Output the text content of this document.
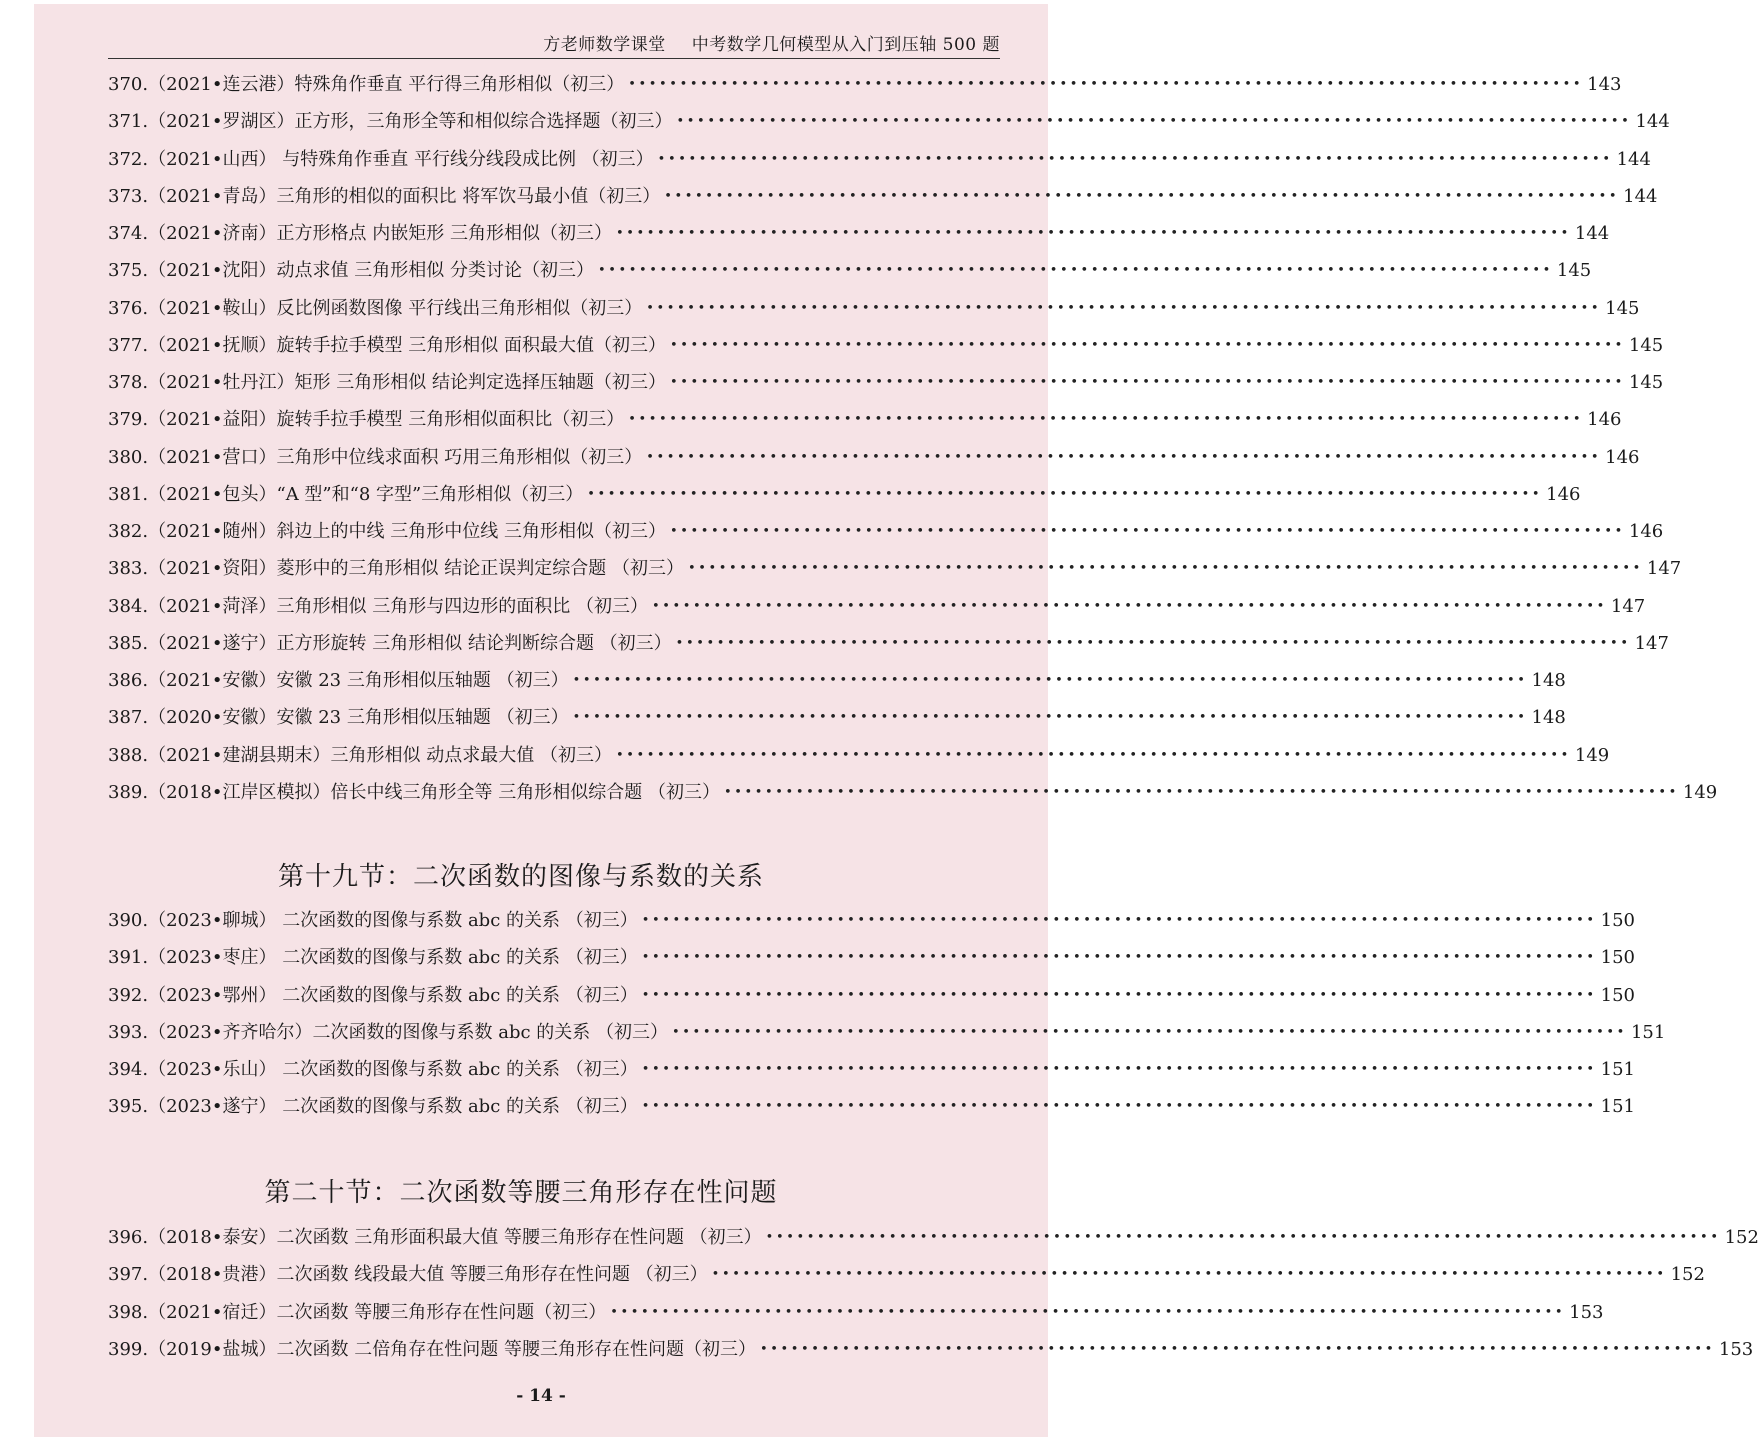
方老师数学课堂 中考数学几何模型从入门到压轴 500 题
370.（2021•连云港）特殊角作垂直 平行得三角形相似（初三） ••••••••••••••••••••••••••••••••••••••••••••••••••••••••••••••••••••••••••••••••••••••••••••• 143
371.（2021•罗湖区）正方形，三角形全等和相似综合选择题（初三） ••••••••••••••••••••••••••••••••••••••••••••••••••••••••••••••••••••••••••••••••••••••••••••• 144
372.（2021•山西） 与特殊角作垂直 平行线分线段成比例 （初三） ••••••••••••••••••••••••••••••••••••••••••••••••••••••••••••••••••••••••••••••••••••••••••••• 144
373.（2021•青岛）三角形的相似的面积比 将军饮马最小值（初三） ••••••••••••••••••••••••••••••••••••••••••••••••••••••••••••••••••••••••••••••••••••••••••••• 144
374.（2021•济南）正方形格点 内嵌矩形 三角形相似（初三） ••••••••••••••••••••••••••••••••••••••••••••••••••••••••••••••••••••••••••••••••••••••••••••• 144
375.（2021•沈阳）动点求值 三角形相似 分类讨论（初三） ••••••••••••••••••••••••••••••••••••••••••••••••••••••••••••••••••••••••••••••••••••••••••••• 145
376.（2021•鞍山）反比例函数图像 平行线出三角形相似（初三） ••••••••••••••••••••••••••••••••••••••••••••••••••••••••••••••••••••••••••••••••••••••••••••• 145
377.（2021•抚顺）旋转手拉手模型 三角形相似 面积最大值（初三） ••••••••••••••••••••••••••••••••••••••••••••••••••••••••••••••••••••••••••••••••••••••••••••• 145
378.（2021•牡丹江）矩形 三角形相似 结论判定选择压轴题（初三） ••••••••••••••••••••••••••••••••••••••••••••••••••••••••••••••••••••••••••••••••••••••••••••• 145
379.（2021•益阳）旋转手拉手模型 三角形相似面积比（初三） ••••••••••••••••••••••••••••••••••••••••••••••••••••••••••••••••••••••••••••••••••••••••••••• 146
380.（2021•营口）三角形中位线求面积 巧用三角形相似（初三） ••••••••••••••••••••••••••••••••••••••••••••••••••••••••••••••••••••••••••••••••••••••••••••• 146
381.（2021•包头）“A 型”和“8 字型”三角形相似（初三） ••••••••••••••••••••••••••••••••••••••••••••••••••••••••••••••••••••••••••••••••••••••••••••• 146
382.（2021•随州）斜边上的中线 三角形中位线 三角形相似（初三） ••••••••••••••••••••••••••••••••••••••••••••••••••••••••••••••••••••••••••••••••••••••••••••• 146
383.（2021•资阳）菱形中的三角形相似 结论正误判定综合题 （初三） ••••••••••••••••••••••••••••••••••••••••••••••••••••••••••••••••••••••••••••••••••••••••••••• 147
384.（2021•菏泽）三角形相似 三角形与四边形的面积比 （初三） ••••••••••••••••••••••••••••••••••••••••••••••••••••••••••••••••••••••••••••••••••••••••••••• 147
385.（2021•遂宁）正方形旋转 三角形相似 结论判断综合题 （初三） ••••••••••••••••••••••••••••••••••••••••••••••••••••••••••••••••••••••••••••••••••••••••••••• 147
386.（2021•安徽）安徽 23 三角形相似压轴题 （初三） ••••••••••••••••••••••••••••••••••••••••••••••••••••••••••••••••••••••••••••••••••••••••••••• 148
387.（2020•安徽）安徽 23 三角形相似压轴题 （初三） ••••••••••••••••••••••••••••••••••••••••••••••••••••••••••••••••••••••••••••••••••••••••••••• 148
388.（2021•建湖县期末）三角形相似 动点求最大值 （初三） ••••••••••••••••••••••••••••••••••••••••••••••••••••••••••••••••••••••••••••••••••••••••••••• 149
389.（2018•江岸区模拟）倍长中线三角形全等 三角形相似综合题 （初三） ••••••••••••••••••••••••••••••••••••••••••••••••••••••••••••••••••••••••••••••••••••••••••••• 149
第十九节：二次函数的图像与系数的关系
390.（2023•聊城） 二次函数的图像与系数 abc 的关系 （初三） ••••••••••••••••••••••••••••••••••••••••••••••••••••••••••••••••••••••••••••••••••••••••••••• 150
391.（2023•枣庄） 二次函数的图像与系数 abc 的关系 （初三） ••••••••••••••••••••••••••••••••••••••••••••••••••••••••••••••••••••••••••••••••••••••••••••• 150
392.（2023•鄂州） 二次函数的图像与系数 abc 的关系 （初三） ••••••••••••••••••••••••••••••••••••••••••••••••••••••••••••••••••••••••••••••••••••••••••••• 150
393.（2023•齐齐哈尔）二次函数的图像与系数 abc 的关系 （初三） ••••••••••••••••••••••••••••••••••••••••••••••••••••••••••••••••••••••••••••••••••••••••••••• 151
394.（2023•乐山） 二次函数的图像与系数 abc 的关系 （初三） ••••••••••••••••••••••••••••••••••••••••••••••••••••••••••••••••••••••••••••••••••••••••••••• 151
395.（2023•遂宁） 二次函数的图像与系数 abc 的关系 （初三） ••••••••••••••••••••••••••••••••••••••••••••••••••••••••••••••••••••••••••••••••••••••••••••• 151
第二十节：二次函数等腰三角形存在性问题
396.（2018•泰安）二次函数 三角形面积最大值 等腰三角形存在性问题 （初三） ••••••••••••••••••••••••••••••••••••••••••••••••••••••••••••••••••••••••••••••••••••••••••••• 152
397.（2018•贵港）二次函数 线段最大值 等腰三角形存在性问题 （初三） ••••••••••••••••••••••••••••••••••••••••••••••••••••••••••••••••••••••••••••••••••••••••••••• 152
398.（2021•宿迁）二次函数 等腰三角形存在性问题（初三） ••••••••••••••••••••••••••••••••••••••••••••••••••••••••••••••••••••••••••••••••••••••••••••• 153
399.（2019•盐城）二次函数 二倍角存在性问题 等腰三角形存在性问题（初三） ••••••••••••••••••••••••••••••••••••••••••••••••••••••••••••••••••••••••••••••••••••••••••••• 153
- 14 -
